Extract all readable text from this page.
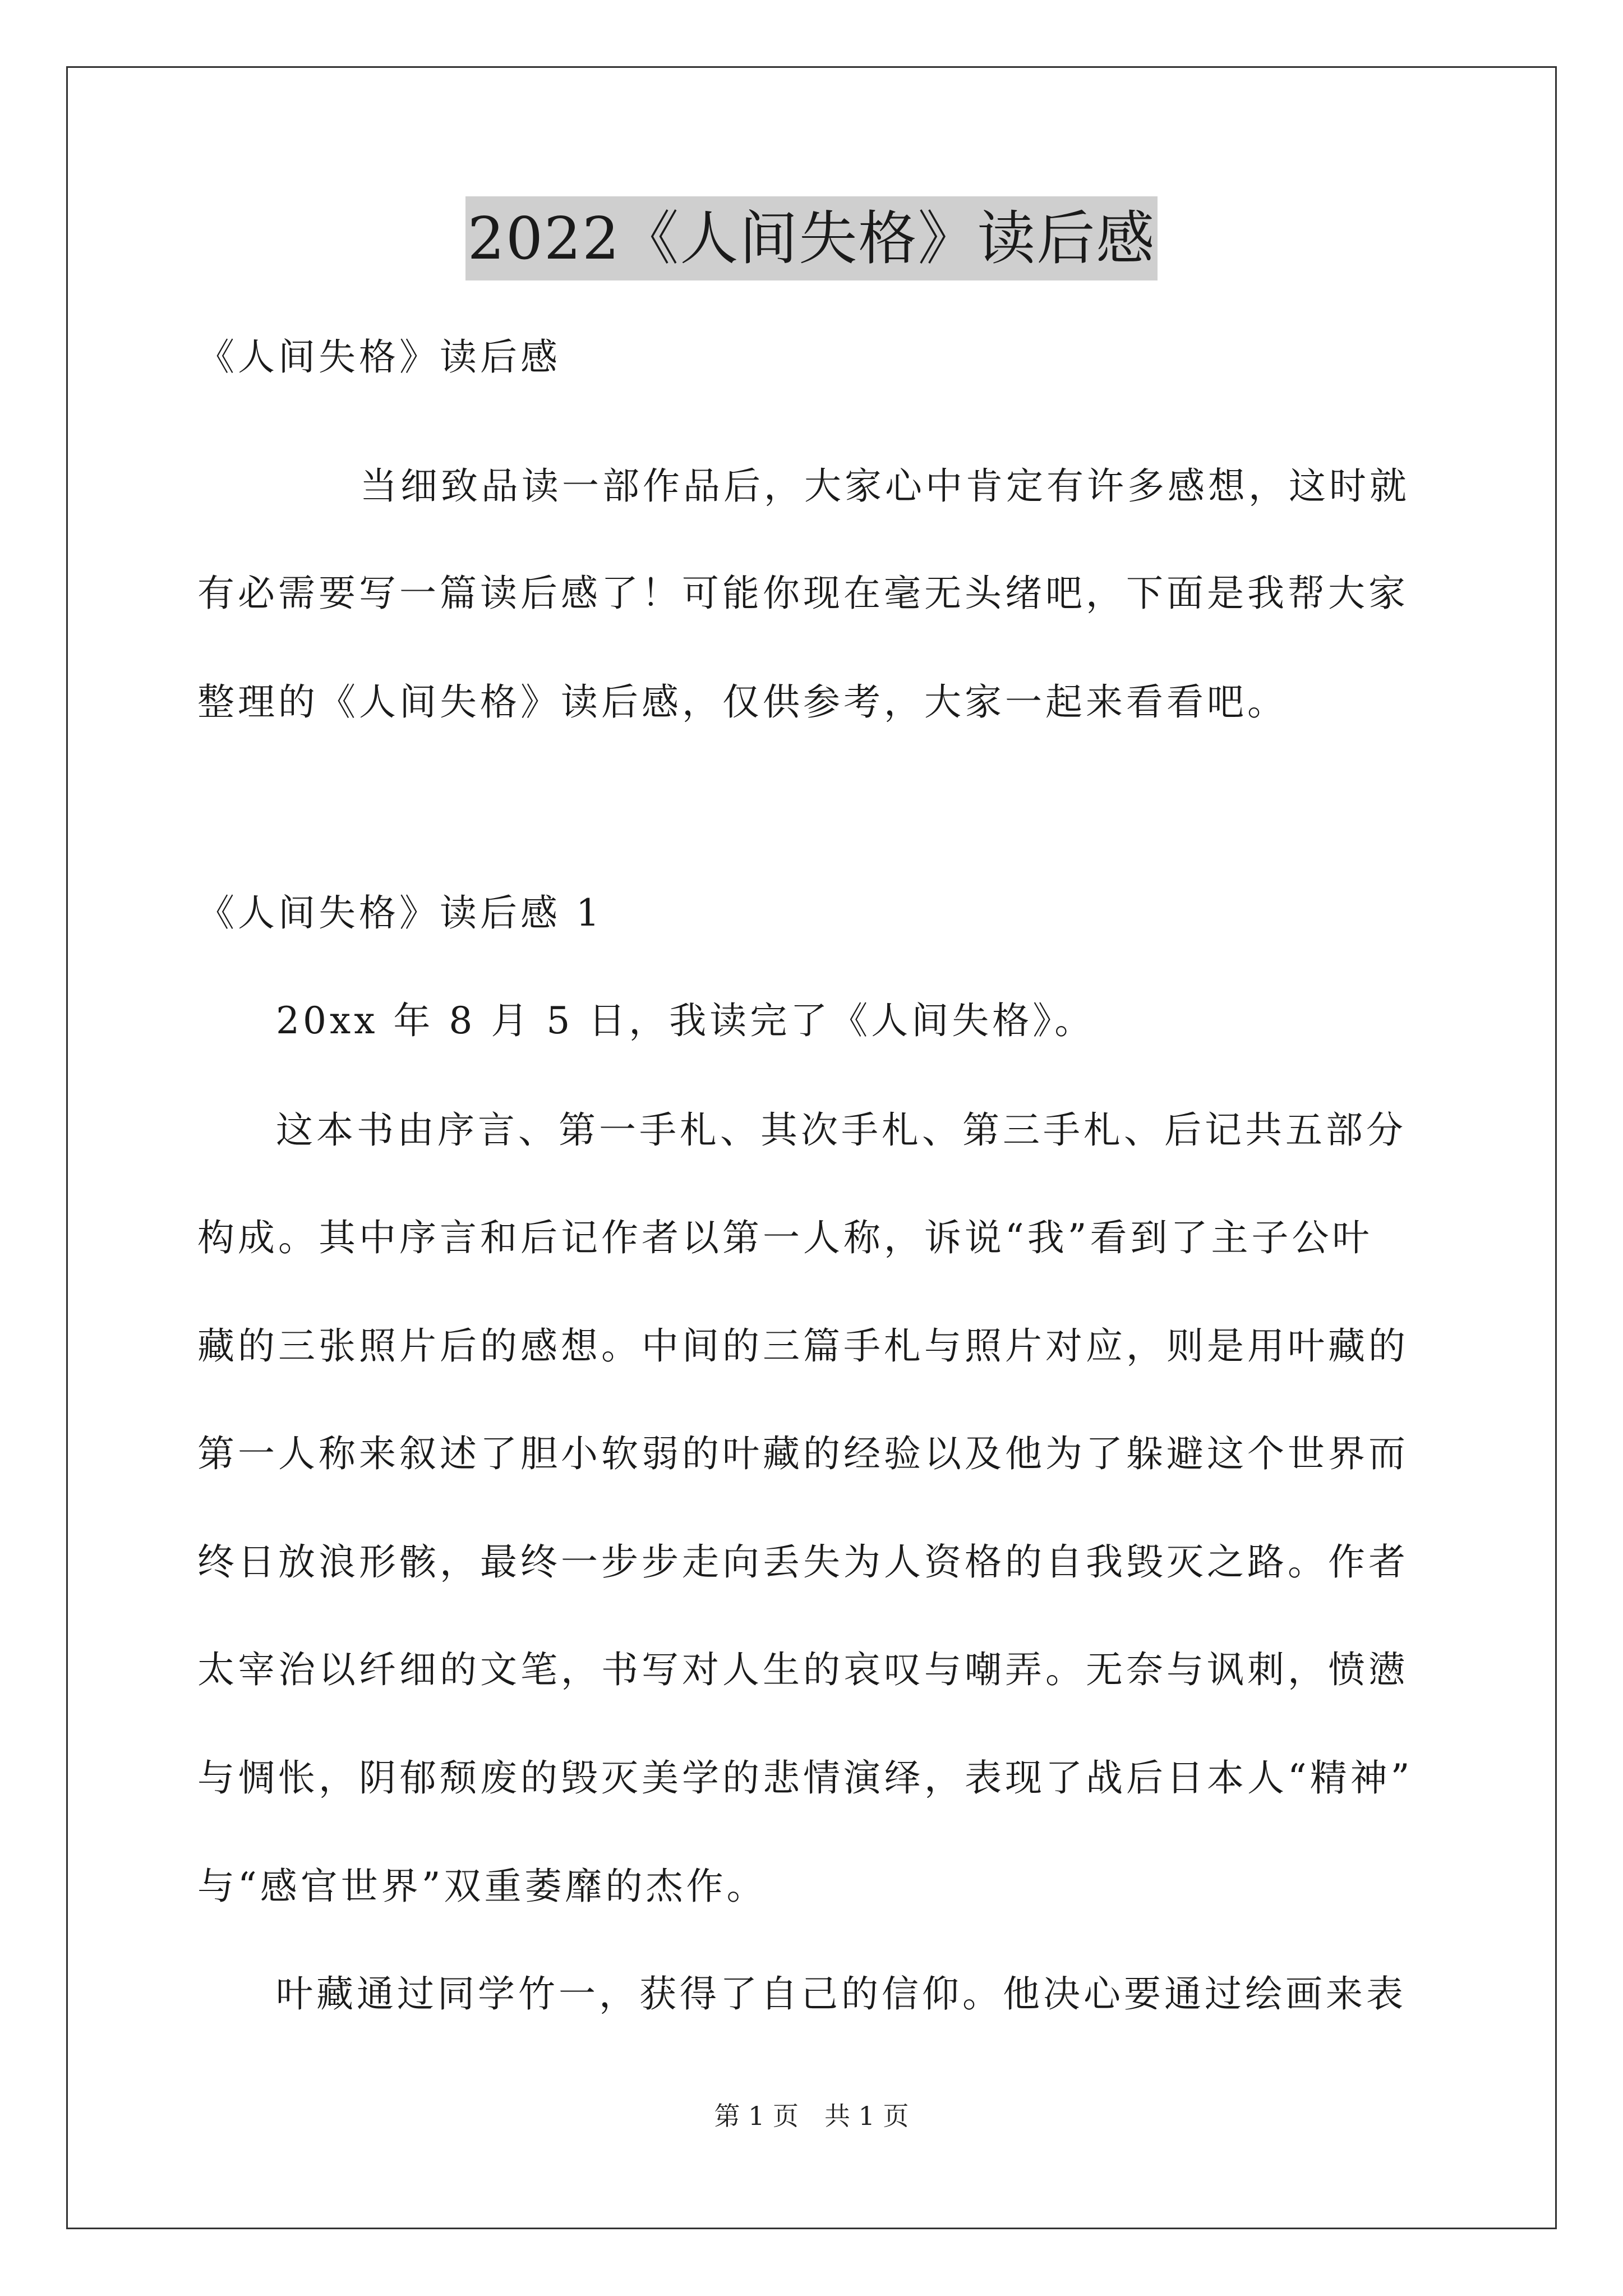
2022《人间失格》读后感
《人间失格》读后感
当细致品读一部作品后，大家心中肯定有许多感想，这时就
有必需要写一篇读后感了！可能你现在毫无头绪吧，下面是我帮大家
整理的《人间失格》读后感，仅供参考，大家一起来看看吧。
《人间失格》读后感 1
20xx 年 8 月 5 日，我读完了《人间失格》。
这本书由序言、第一手札、其次手札、第三手札、后记共五部分
构成。其中序言和后记作者以第一人称，诉说“我”看到了主子公叶
藏的三张照片后的感想。中间的三篇手札与照片对应，则是用叶藏的
第一人称来叙述了胆小软弱的叶藏的经验以及他为了躲避这个世界而
终日放浪形骸，最终一步步走向丢失为人资格的自我毁灭之路。作者
太宰治以纤细的文笔，书写对人生的哀叹与嘲弄。无奈与讽刺，愤懑
与惆怅，阴郁颓废的毁灭美学的悲情演绎，表现了战后日本人“精神”
与“感官世界”双重萎靡的杰作。
叶藏通过同学竹一，获得了自己的信仰。他决心要通过绘画来表
第 1 页　共 1 页
